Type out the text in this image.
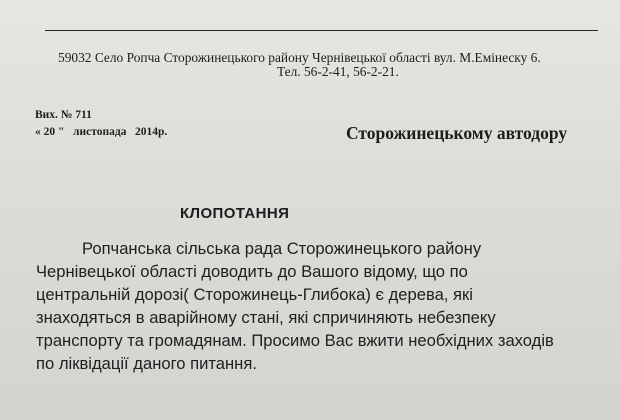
59032 Село Ропча Сторожинецького району Чернівецької області вул. М.Емінеску 6.
Тел. 56-2-41, 56-2-21.
Вих. № 711
« 20 " листопада 2014р.	Сторожинецькому автодору
КЛОПОТАННЯ
Ропчанська сільська рада Сторожинецького району
Чернівецької області доводить до Вашого відому, що по
центральній дорозі( Сторожинець-Глибока) є дерева, які
знаходяться в аварійному стані, які спричиняють небезпеку
транспорту та громадянам. Просимо Вас вжити необхідних заходів
по ліквідації даного питання.
